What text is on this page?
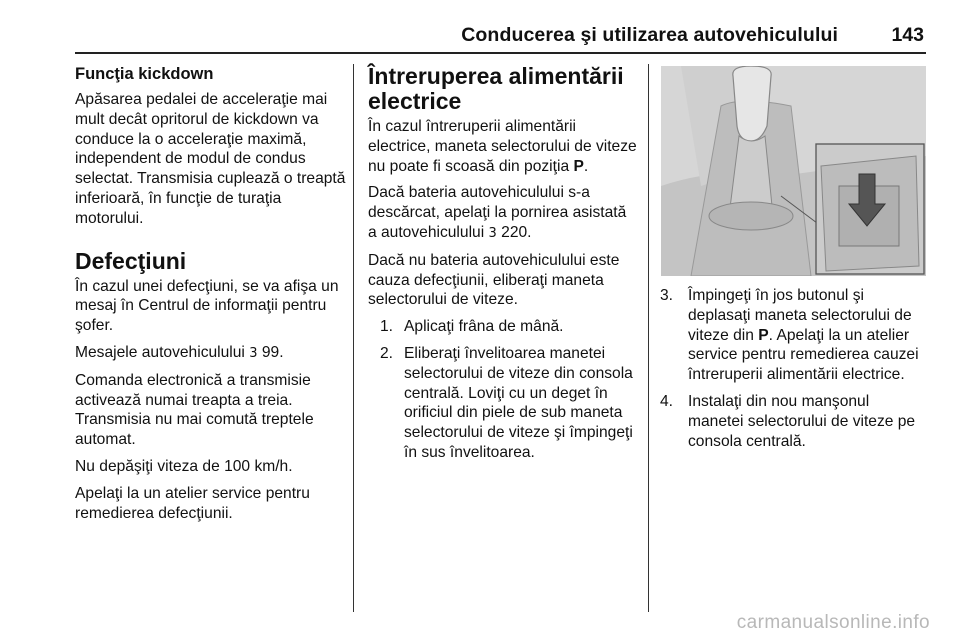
Conducerea şi utilizarea autovehiculului	143
Funcţia kickdown

Apăsarea pedalei de acceleraţie mai mult decât opritorul de kickdown va conduce la o acceleraţie maximă, independent de modul de condus selectat. Transmisia cuplează o treaptă inferioară, în funcţie de turaţia motorului.

Defecţiuni

În cazul unei defecţiuni, se va afişa un mesaj în Centrul de informaţii pentru şofer.

Mesajele autovehiculului 3 99.

Comanda electronică a transmisie activează numai treapta a treia. Transmisia nu mai comută treptele automat.

Nu depăşiţi viteza de 100 km/h.

Apelaţi la un atelier service pentru remedierea defecţiunii.

Întreruperea alimentării electrice

În cazul întreruperii alimentării electrice, maneta selectorului de viteze nu poate fi scoasă din poziţia P.

Dacă bateria autovehiculului s-a descărcat, apelaţi la pornirea asistată a autovehiculului 3 220.

Dacă nu bateria autovehiculului este cauza defecţiunii, eliberaţi maneta selectorului de viteze.

1. Aplicaţi frâna de mână.
2. Eliberaţi învelitoarea manetei selectorului de viteze din consola centrală. Loviţi cu un deget în orificiul din piele de sub maneta selectorului de viteze şi împingeţi în sus învelitoarea.
3. Împingeţi în jos butonul şi deplasaţi maneta selectorului de viteze din P. Apelaţi la un atelier service pentru remedierea cauzei întreruperii alimentării electrice.
4. Instalaţi din nou manşonul manetei selectorului de viteze pe consola centrală.
carmanualsonline.info
